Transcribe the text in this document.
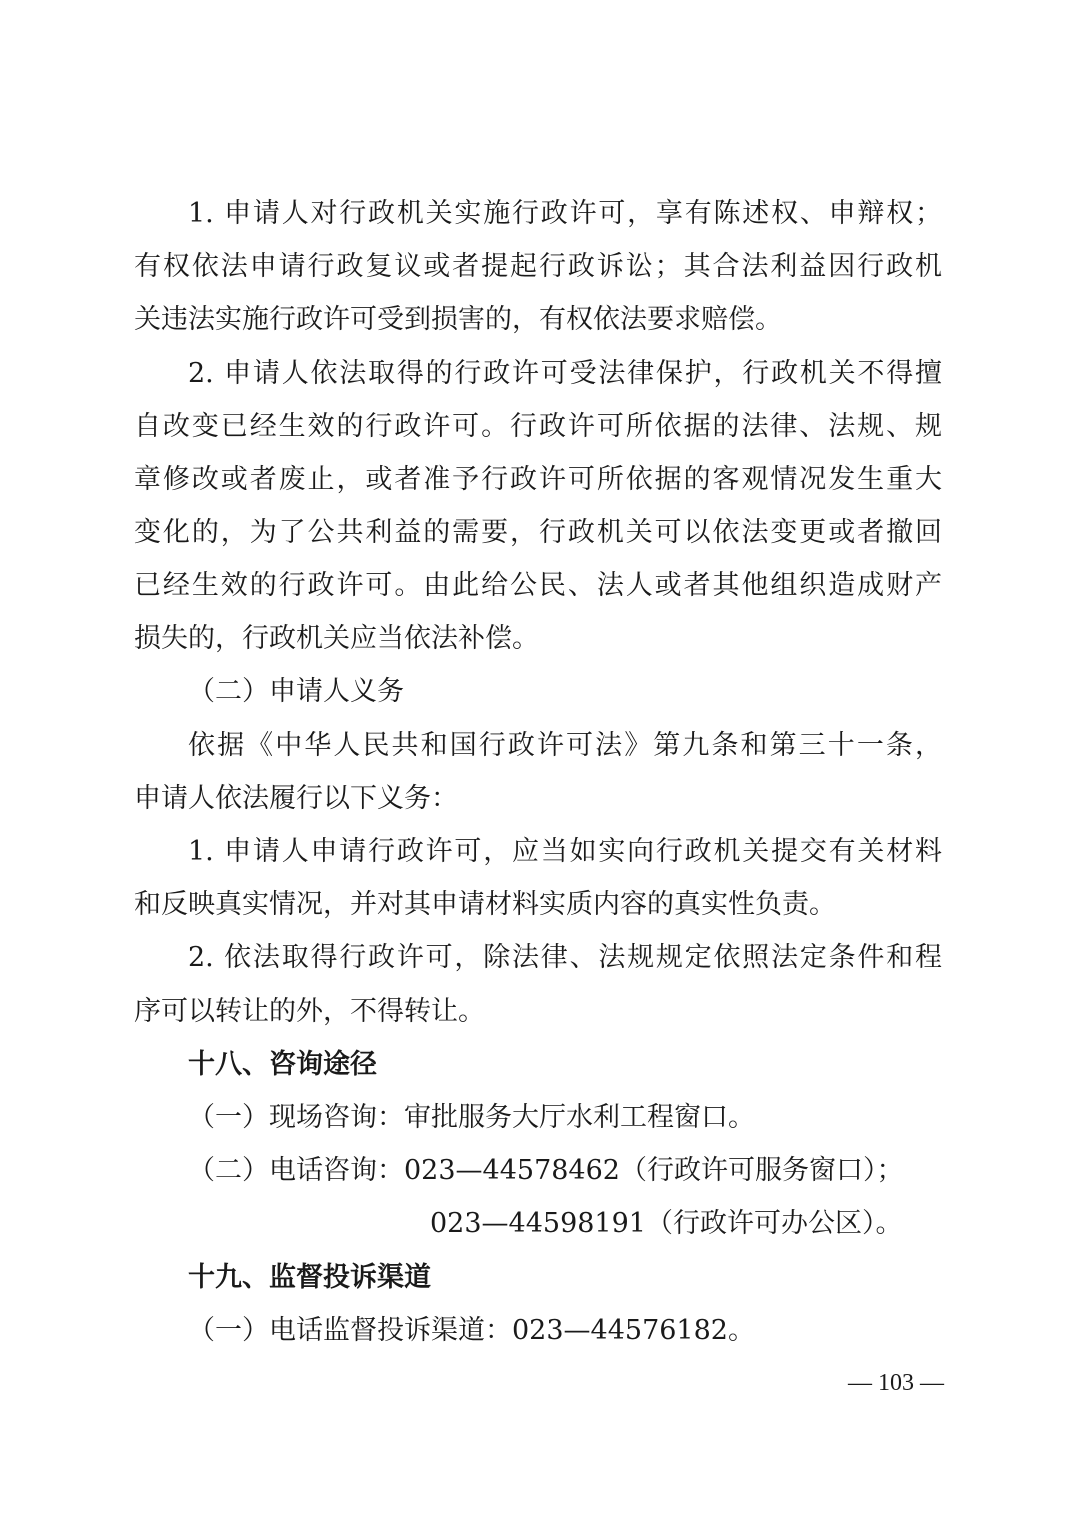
1. 申请人对行政机关实施行政许可，享有陈述权、申辩权；
有权依法申请行政复议或者提起行政诉讼；其合法利益因行政机
关违法实施行政许可受到损害的，有权依法要求赔偿。
2. 申请人依法取得的行政许可受法律保护，行政机关不得擅
自改变已经生效的行政许可。行政许可所依据的法律、法规、规
章修改或者废止，或者准予行政许可所依据的客观情况发生重大
变化的，为了公共利益的需要，行政机关可以依法变更或者撤回
已经生效的行政许可。由此给公民、法人或者其他组织造成财产
损失的，行政机关应当依法补偿。
（二）申请人义务
依据《中华人民共和国行政许可法》第九条和第三十一条，
申请人依法履行以下义务：
1. 申请人申请行政许可，应当如实向行政机关提交有关材料
和反映真实情况，并对其申请材料实质内容的真实性负责。
2. 依法取得行政许可，除法律、法规规定依照法定条件和程
序可以转让的外，不得转让。
十八、咨询途径
（一）现场咨询：审批服务大厅水利工程窗口。
（二）电话咨询：023—44578462（行政许可服务窗口）；
023—44598191（行政许可办公区）。
十九、监督投诉渠道
（一）电话监督投诉渠道：023—44576182。
— 103 —
